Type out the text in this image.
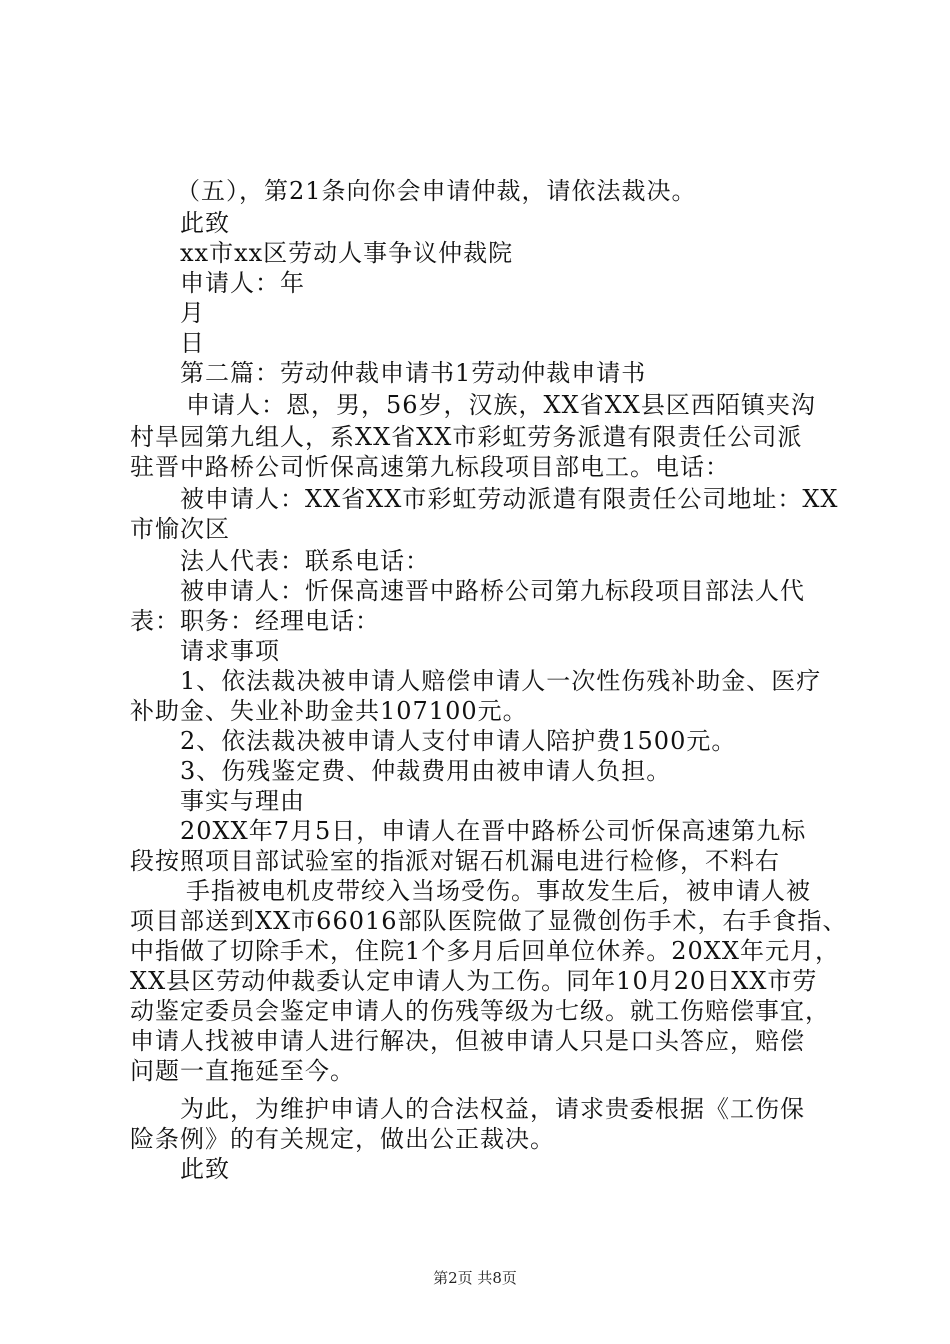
（五），第21条向你会申请仲裁，请依法裁决。
此致
xx市xx区劳动人事争议仲裁院
申请人：年
月
日
第二篇：劳动仲裁申请书1劳动仲裁申请书
申请人：恩，男，56岁，汉族，XX省XX县区西陌镇夹沟
村旱园第九组人，系XX省XX市彩虹劳务派遣有限责任公司派
驻晋中路桥公司忻保高速第九标段项目部电工。电话：
被申请人：XX省XX市彩虹劳动派遣有限责任公司地址：XX
市愉次区
法人代表：联系电话：
被申请人：忻保高速晋中路桥公司第九标段项目部法人代
表：职务：经理电话：
请求事项
1、依法裁决被申请人赔偿申请人一次性伤残补助金、医疗
补助金、失业补助金共107100元。
2、依法裁决被申请人支付申请人陪护费1500元。
3、伤残鉴定费、仲裁费用由被申请人负担。
事实与理由
20XX年7月5日，申请人在晋中路桥公司忻保高速第九标
段按照项目部试验室的指派对锯石机漏电进行检修，不料右
手指被电机皮带绞入当场受伤。事故发生后，被申请人被
项目部送到XX市66016部队医院做了显微创伤手术，右手食指、
中指做了切除手术，住院1个多月后回单位休养。20XX年元月，
XX县区劳动仲裁委认定申请人为工伤。同年10月20日XX市劳
动鉴定委员会鉴定申请人的伤残等级为七级。就工伤赔偿事宜，
申请人找被申请人进行解决，但被申请人只是口头答应，赔偿
问题一直拖延至今。
为此，为维护申请人的合法权益，请求贵委根据《工伤保
险条例》的有关规定，做出公正裁决。
此致
第2页 共8页
